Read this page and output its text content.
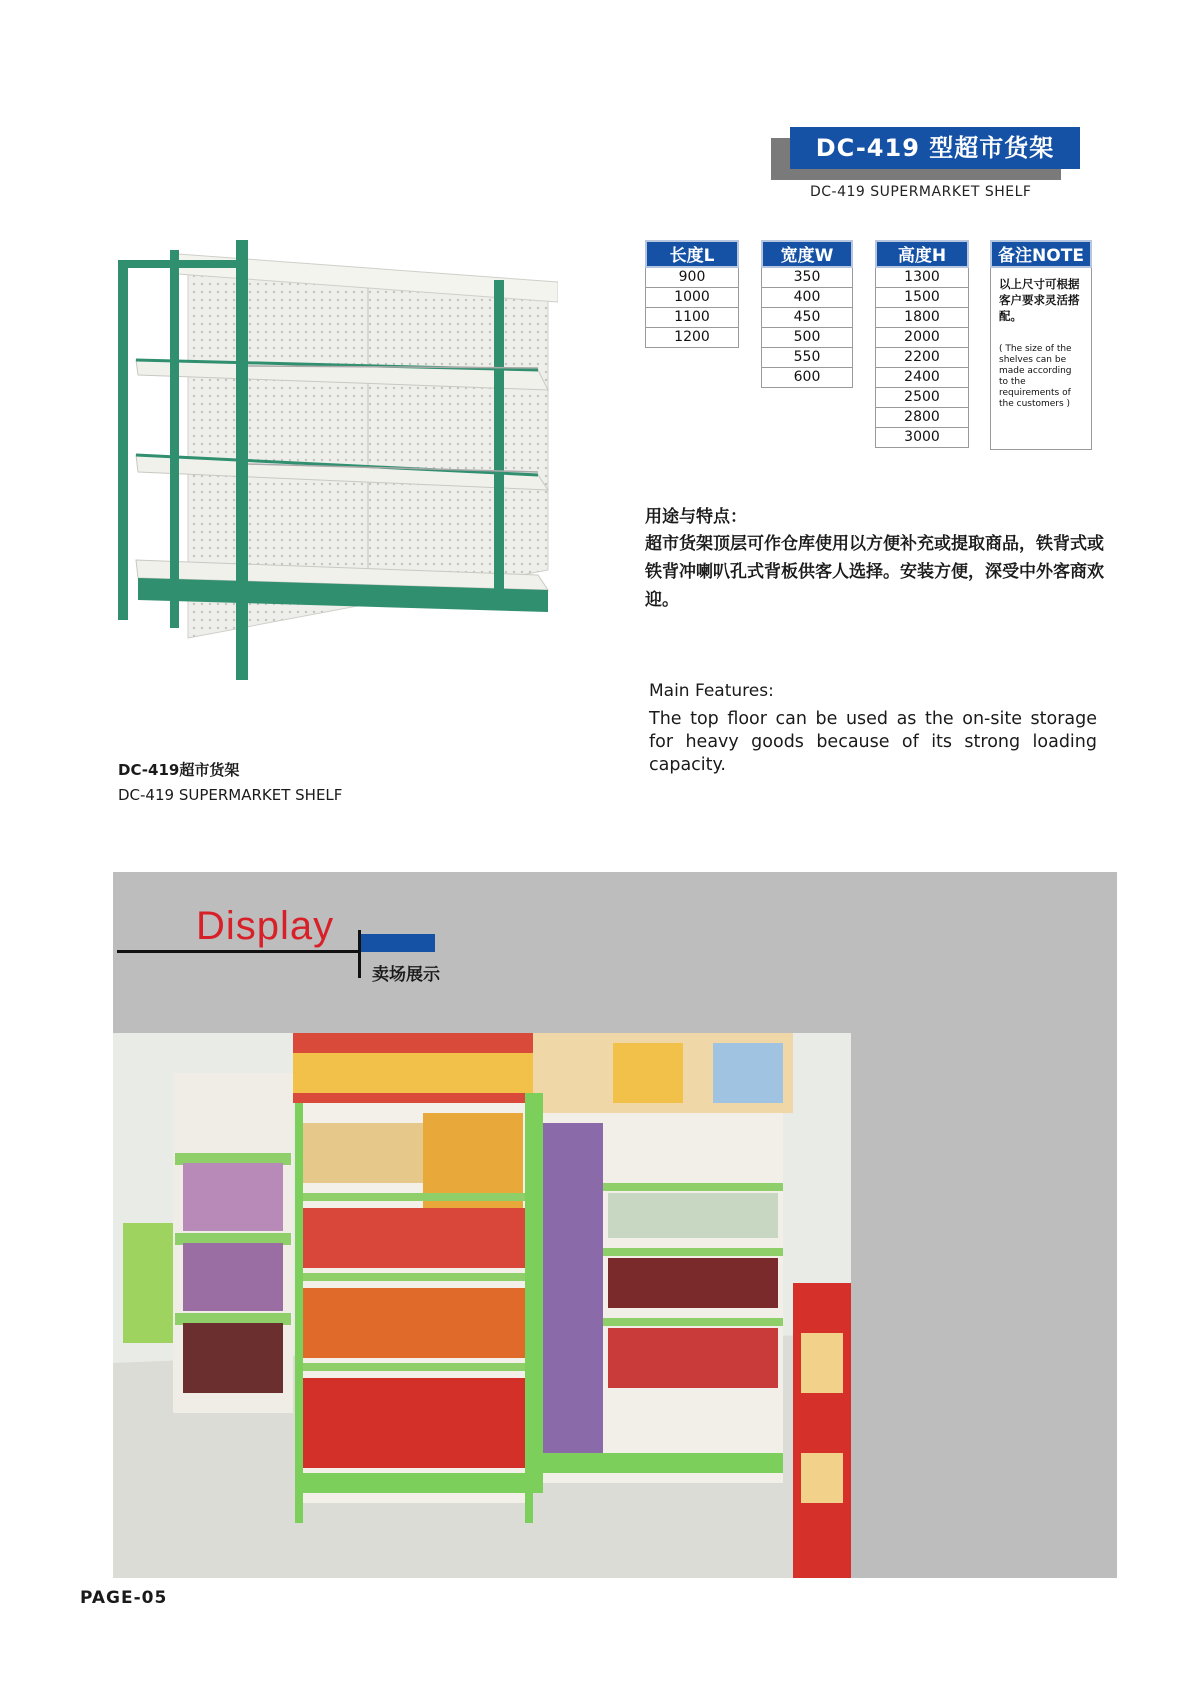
DC-419 型超市货架
DC-419 SUPERMARKET SHELF
长度L
900
1000
1100
1200
宽度W
350
400
450
500
550
600
高度H
1300
1500
1800
2000
2200
2400
2500
2800
3000
备注NOTE
以上尺寸可根据客户要求灵活搭配。
( The size of the shelves can be made according to the requirements of the customers )
用途与特点：
超市货架顶层可作仓库使用以方便补充或提取商品，铁背式或铁背冲喇叭孔式背板供客人选择。安装方便，深受中外客商欢迎。
Main Features:
The top floor can be used as the on-site storage for heavy goods because of its strong loading capacity.
DC-419超市货架
DC-419 SUPERMARKET SHELF
Display
卖场展示
PAGE-05
